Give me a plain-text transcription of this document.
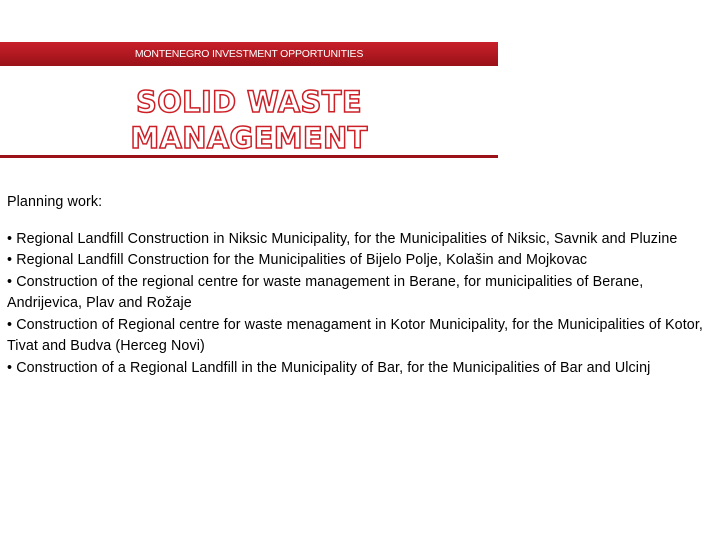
MONTENEGRO INVESTMENT OPPORTUNITIES
SOLID WASTE
MANAGEMENT

Planning work:

• Regional Landfill Construction in Niksic Municipality, for the Municipalities of Niksic, Savnik and Pluzine
• Regional Landfill Construction for the Municipalities of Bijelo Polje, Kolašin and Mojkovac
• Construction of the regional centre for waste management in Berane, for municipalities of Berane, Andrijevica, Plav and Rožaje
• Construction of Regional centre for waste menagament in Kotor Municipality, for the Municipalities of Kotor, Tivat and Budva (Herceg Novi)
• Construction of a Regional Landfill in the Municipality of Bar, for the Municipalities of Bar and Ulcinj
